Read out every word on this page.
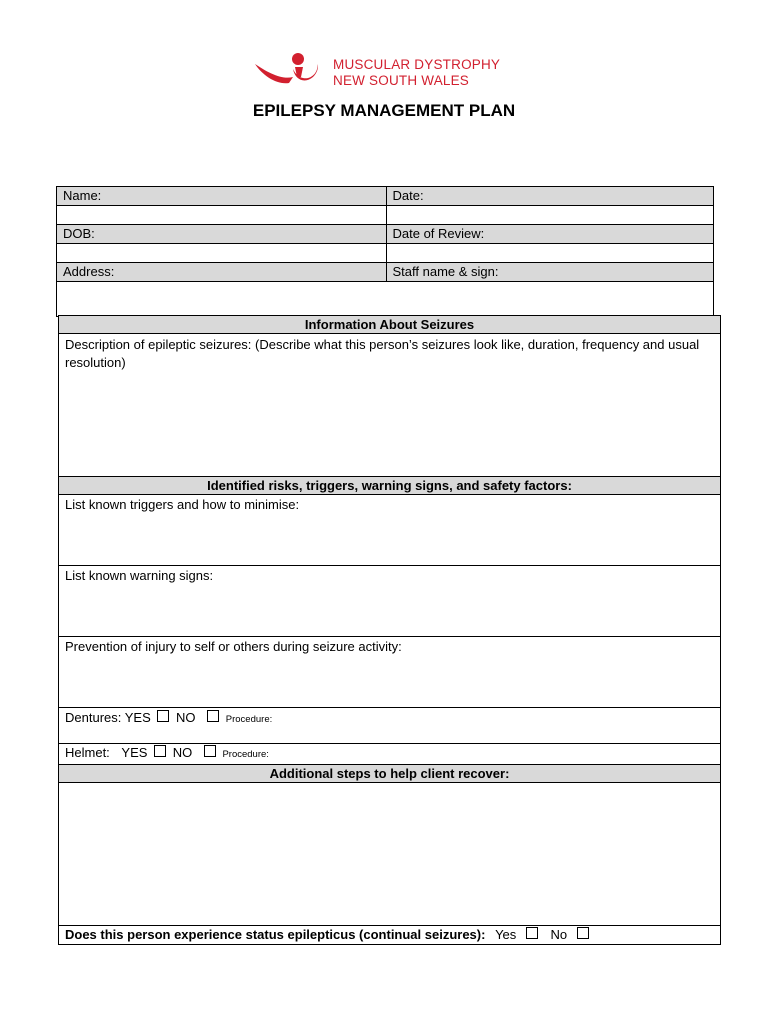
MUSCULAR DYSTROPHY
NEW SOUTH WALES
EPILEPSY MANAGEMENT PLAN
Name:	Date:

DOB:	Date of Review:

Address:	Staff name & sign:

Information About Seizures
Description of epileptic seizures: (Describe what this person’s seizures look like, duration, frequency and usual resolution)
Identified risks, triggers, warning signs, and safety factors:
List known triggers and how to minimise:
List known warning signs:
Prevention of injury to self or others during seizure activity:
Dentures: YES NO	Procedure:
Helmet: YES NO	Procedure:
Additional steps to help client recover:

Does this person experience status epilepticus (continual seizures): Yes	No
